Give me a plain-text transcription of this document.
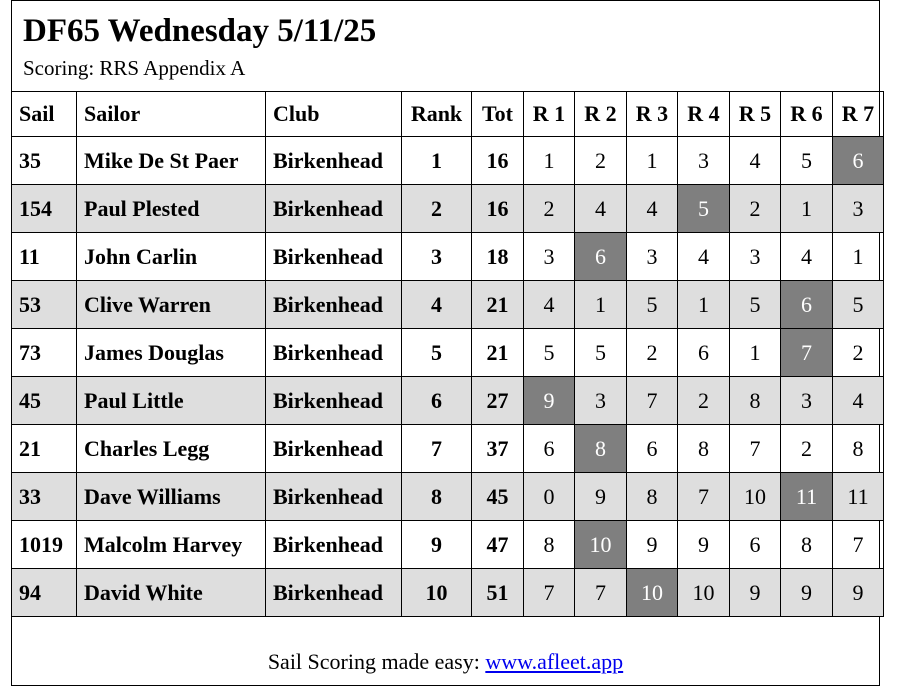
DF65 Wednesday 5/11/25
Scoring: RRS Appendix A
Sail	Sailor	Club	Rank	Tot	R 1	R 2	R 3	R 4	R 5	R 6	R 7
35	Mike De St Paer	Birkenhead	1	16	1	2	1	3	4	5	6
154	Paul Plested	Birkenhead	2	16	2	4	4	5	2	1	3
11	John Carlin	Birkenhead	3	18	3	6	3	4	3	4	1
53	Clive Warren	Birkenhead	4	21	4	1	5	1	5	6	5
73	James Douglas	Birkenhead	5	21	5	5	2	6	1	7	2
45	Paul Little	Birkenhead	6	27	9	3	7	2	8	3	4
21	Charles Legg	Birkenhead	7	37	6	8	6	8	7	2	8
33	Dave Williams	Birkenhead	8	45	0	9	8	7	10	11	11
1019	Malcolm Harvey	Birkenhead	9	47	8	10	9	9	6	8	7
94	David White	Birkenhead	10	51	7	7	10	10	9	9	9
Sail Scoring made easy: www.afleet.app
